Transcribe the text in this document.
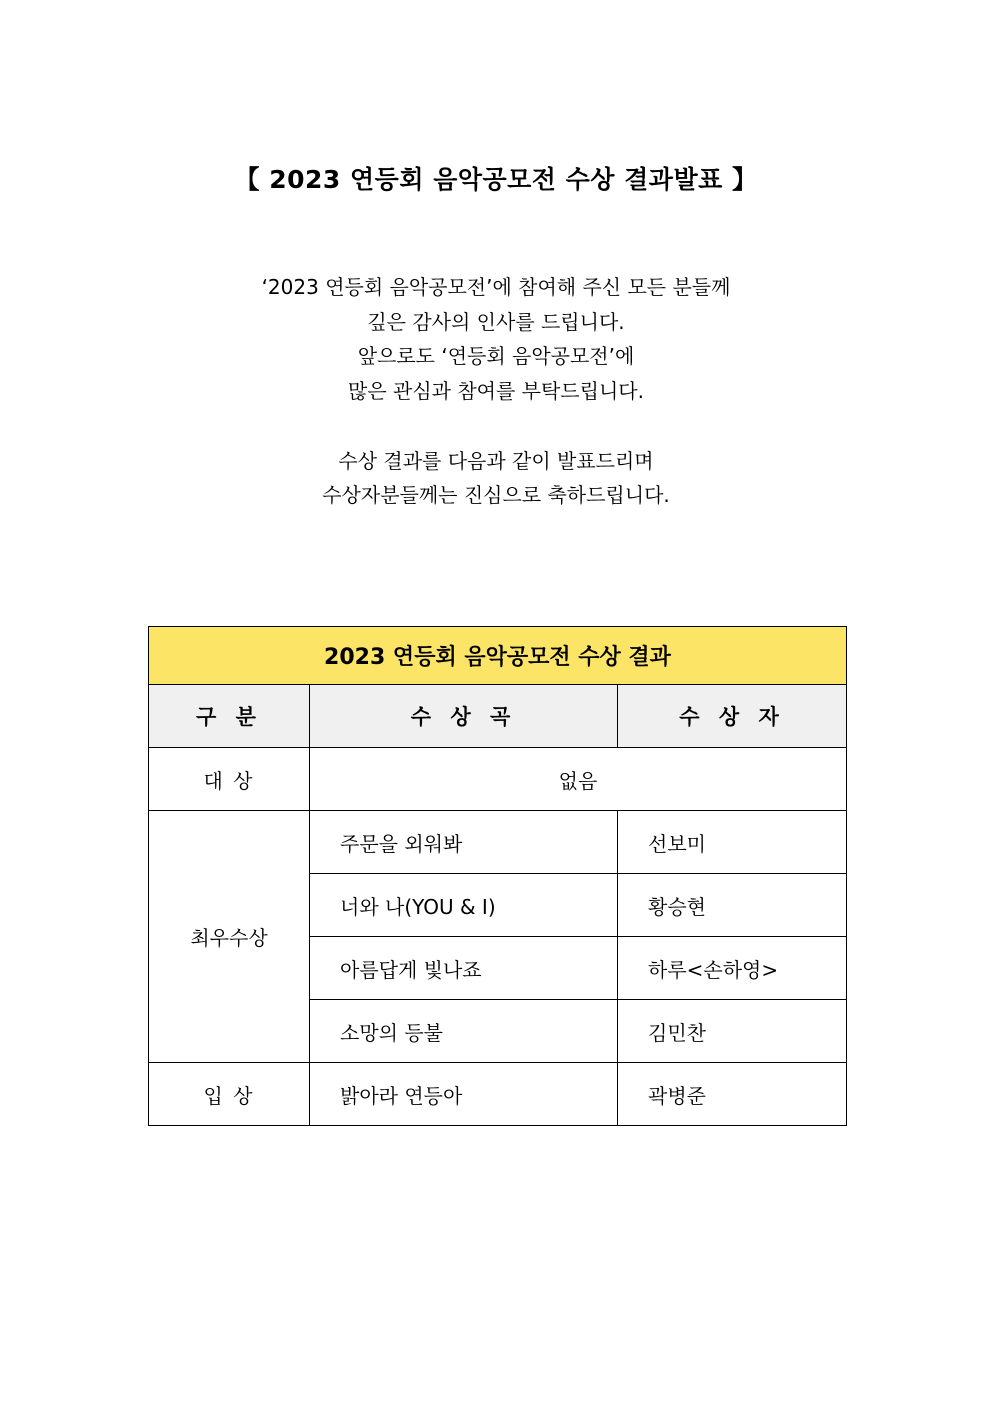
【 2023 연등회 음악공모전 수상 결과발표 】
‘2023 연등회 음악공모전’에 참여해 주신 모든 분들께
깊은 감사의 인사를 드립니다.
앞으로도 ‘연등회 음악공모전’에
많은 관심과 참여를 부탁드립니다.
수상 결과를 다음과 같이 발표드리며
수상자분들께는 진심으로 축하드립니다.
2023 연등회 음악공모전 수상 결과		
구 분	수 상 곡	수 상 자
대 상	없음	
최우수상	주문을 외워봐	선보미
	너와 나(YOU & I)	황승현
	아름답게 빛나죠	하루<손하영>
	소망의 등불	김민찬
입 상	밝아라 연등아	곽병준
